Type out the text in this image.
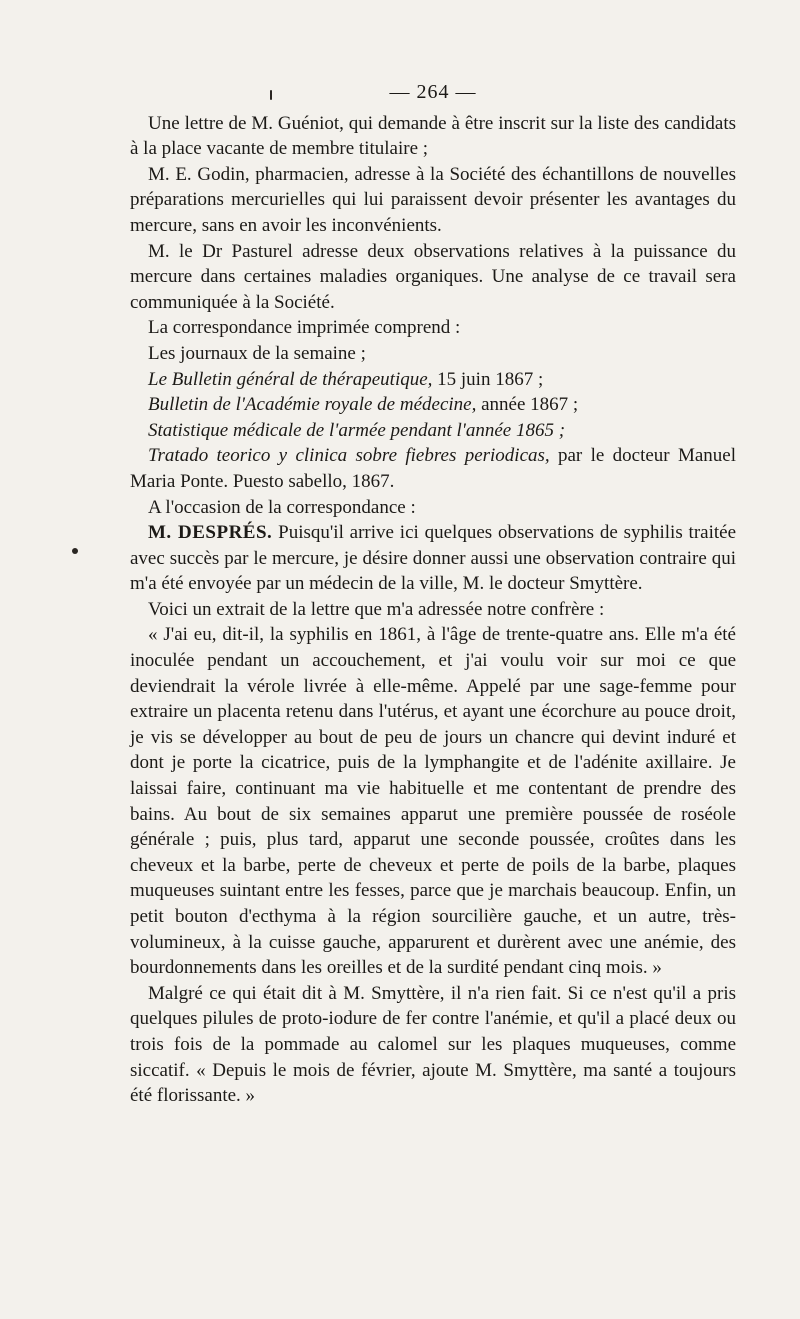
— 264 —

Une lettre de M. Guéniot, qui demande à être inscrit sur la liste des candidats à la place vacante de membre titulaire ;

M. E. Godin, pharmacien, adresse à la Société des échantillons de nouvelles préparations mercurielles qui lui paraissent devoir présenter les avantages du mercure, sans en avoir les inconvénients.

M. le Dr Pasturel adresse deux observations relatives à la puissance du mercure dans certaines maladies organiques. Une analyse de ce travail sera communiquée à la Société.

La correspondance imprimée comprend :

Les journaux de la semaine ;

Le Bulletin général de thérapeutique, 15 juin 1867 ;

Bulletin de l'Académie royale de médecine, année 1867 ;

Statistique médicale de l'armée pendant l'année 1865 ;

Tratado teorico y clinica sobre fiebres periodicas, par le docteur Manuel Maria Ponte. Puesto sabello, 1867.

A l'occasion de la correspondance :

M. DESPRÉS. Puisqu'il arrive ici quelques observations de syphilis traitée avec succès par le mercure, je désire donner aussi une observation contraire qui m'a été envoyée par un médecin de la ville, M. le docteur Smyttère.

Voici un extrait de la lettre que m'a adressée notre confrère :

« J'ai eu, dit-il, la syphilis en 1861, à l'âge de trente-quatre ans. Elle m'a été inoculée pendant un accouchement, et j'ai voulu voir sur moi ce que deviendrait la vérole livrée à elle-même. Appelé par une sage-femme pour extraire un placenta retenu dans l'utérus, et ayant une écorchure au pouce droit, je vis se développer au bout de peu de jours un chancre qui devint induré et dont je porte la cicatrice, puis de la lymphangite et de l'adénite axillaire. Je laissai faire, continuant ma vie habituelle et me contentant de prendre des bains. Au bout de six semaines apparut une première poussée de roséole générale ; puis, plus tard, apparut une seconde poussée, croûtes dans les cheveux et la barbe, perte de cheveux et perte de poils de la barbe, plaques muqueuses suintant entre les fesses, parce que je marchais beaucoup. Enfin, un petit bouton d'ecthyma à la région sourcilière gauche, et un autre, très-volumineux, à la cuisse gauche, apparurent et durèrent avec une anémie, des bourdonnements dans les oreilles et de la surdité pendant cinq mois. »

Malgré ce qui était dit à M. Smyttère, il n'a rien fait. Si ce n'est qu'il a pris quelques pilules de proto-iodure de fer contre l'anémie, et qu'il a placé deux ou trois fois de la pommade au calomel sur les plaques muqueuses, comme siccatif. « Depuis le mois de février, ajoute M. Smyttère, ma santé a toujours été florissante. »
